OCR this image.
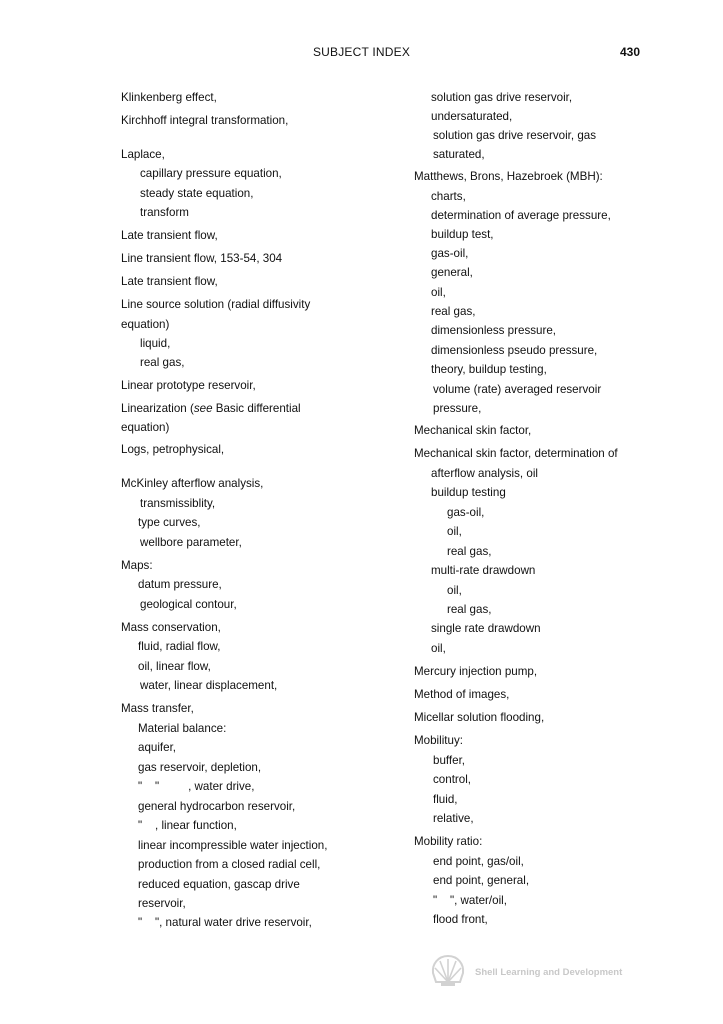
SUBJECT INDEX	430
Klinkenberg effect,
Kirchhoff integral transformation,
Laplace,
capillary pressure equation,
steady state equation,
transform
Late transient flow,
Line transient flow, 153-54, 304
Late transient flow,
Line source solution (radial diffusivity
equation)
liquid,
real gas,
Linear prototype reservoir,
Linearization (see Basic differential
equation)
Logs, petrophysical,
McKinley afterflow analysis,
transmissiblity,
type curves,
wellbore parameter,
Maps:
datum pressure,
geological contour,
Mass conservation,
fluid, radial flow,
oil, linear flow,
water, linear displacement,
Mass transfer,
Material balance:
aquifer,
gas reservoir, depletion,
"    "         , water drive,
general hydrocarbon reservoir,
"    , linear function,
linear incompressible water injection,
production from a closed radial cell,
reduced equation, gascap drive
reservoir,
"    ", natural water drive reservoir,
solution gas drive reservoir,
undersaturated,
solution gas drive reservoir, gas
saturated,
Matthews, Brons, Hazebroek (MBH):
charts,
determination of average pressure,
buildup test,
gas-oil,
general,
oil,
real gas,
dimensionless pressure,
dimensionless pseudo pressure,
theory, buildup testing,
volume (rate) averaged reservoir
pressure,
Mechanical skin factor,
Mechanical skin factor, determination of
afterflow analysis, oil
buildup testing
gas-oil,
oil,
real gas,
multi-rate drawdown
oil,
real gas,
single rate drawdown
oil,
Mercury injection pump,
Method of images,
Micellar solution flooding,
Mobilituy:
buffer,
control,
fluid,
relative,
Mobility ratio:
end point, gas/oil,
end point, general,
"    ", water/oil,
flood front,
Shell Learning and Development
